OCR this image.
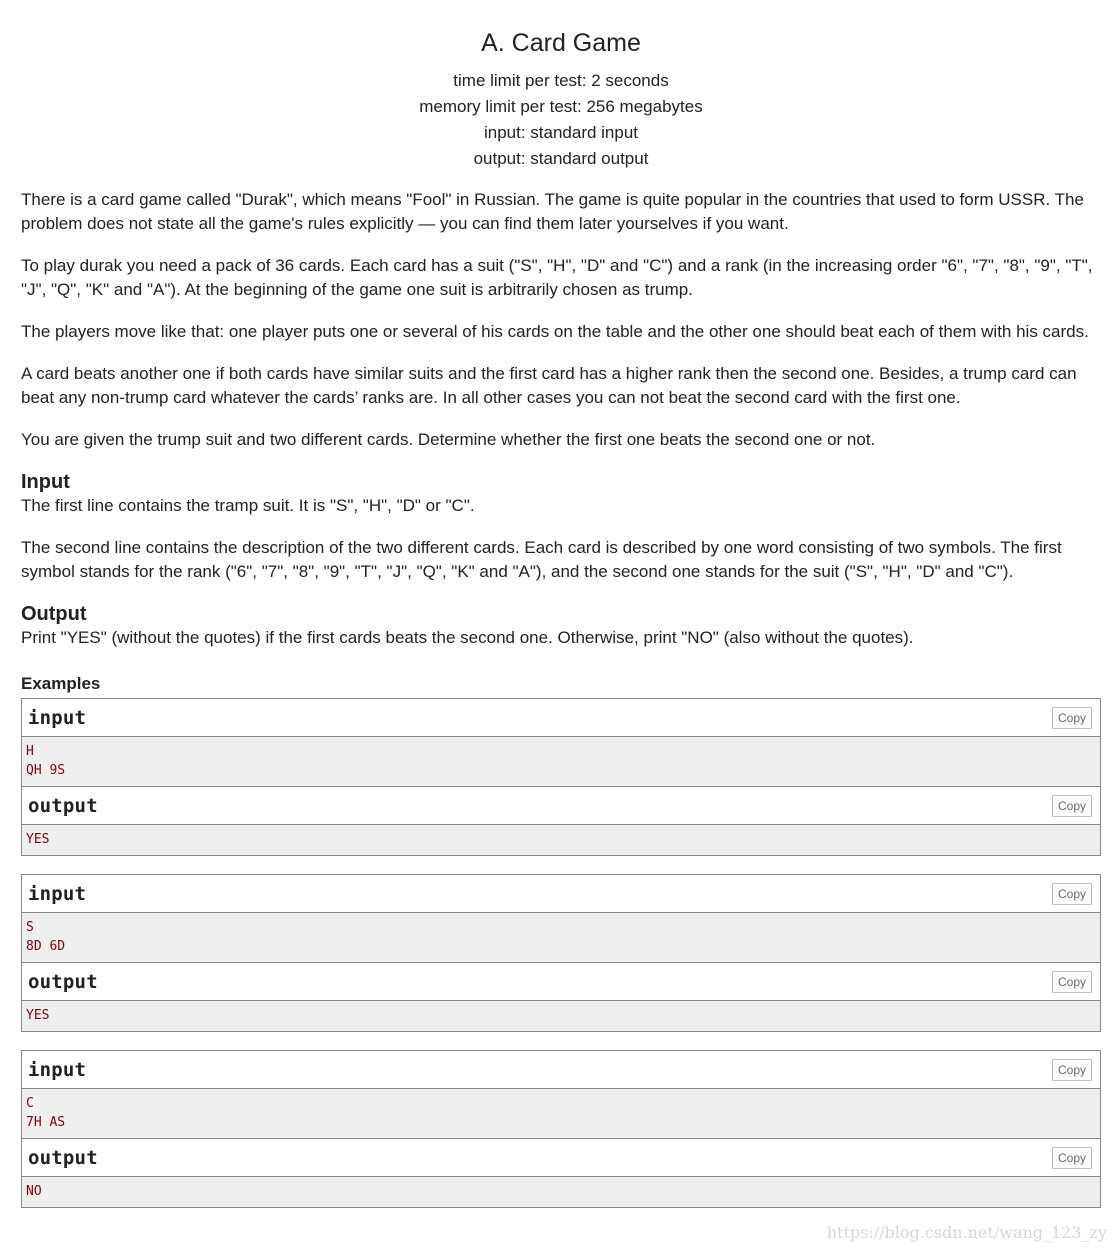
A. Card Game
time limit per test: 2 seconds
memory limit per test: 256 megabytes
input: standard input
output: standard output
There is a card game called "Durak", which means "Fool" in Russian. The game is quite popular in the countries that used to form USSR. The problem does not state all the game's rules explicitly — you can find them later yourselves if you want.
To play durak you need a pack of 36 cards. Each card has a suit ("S", "H", "D" and "C") and a rank (in the increasing order "6", "7", "8", "9", "T", "J", "Q", "K" and "A"). At the beginning of the game one suit is arbitrarily chosen as trump.
The players move like that: one player puts one or several of his cards on the table and the other one should beat each of them with his cards.
A card beats another one if both cards have similar suits and the first card has a higher rank then the second one. Besides, a trump card can beat any non-trump card whatever the cards’ ranks are. In all other cases you can not beat the second card with the first one.
You are given the trump suit and two different cards. Determine whether the first one beats the second one or not.
Input
The first line contains the tramp suit. It is "S", "H", "D" or "C".
The second line contains the description of the two different cards. Each card is described by one word consisting of two symbols. The first symbol stands for the rank ("6", "7", "8", "9", "T", "J", "Q", "K" and "A"), and the second one stands for the suit ("S", "H", "D" and "C").
Output
Print "YES" (without the quotes) if the first cards beats the second one. Otherwise, print "NO" (also without the quotes).
Examples
input	Copy
H
QH 9S
output	Copy
YES
input	Copy
S
8D 6D
output	Copy
YES
input	Copy
C
7H AS
output	Copy
NO
https://blog.csdn.net/wang_123_zy
